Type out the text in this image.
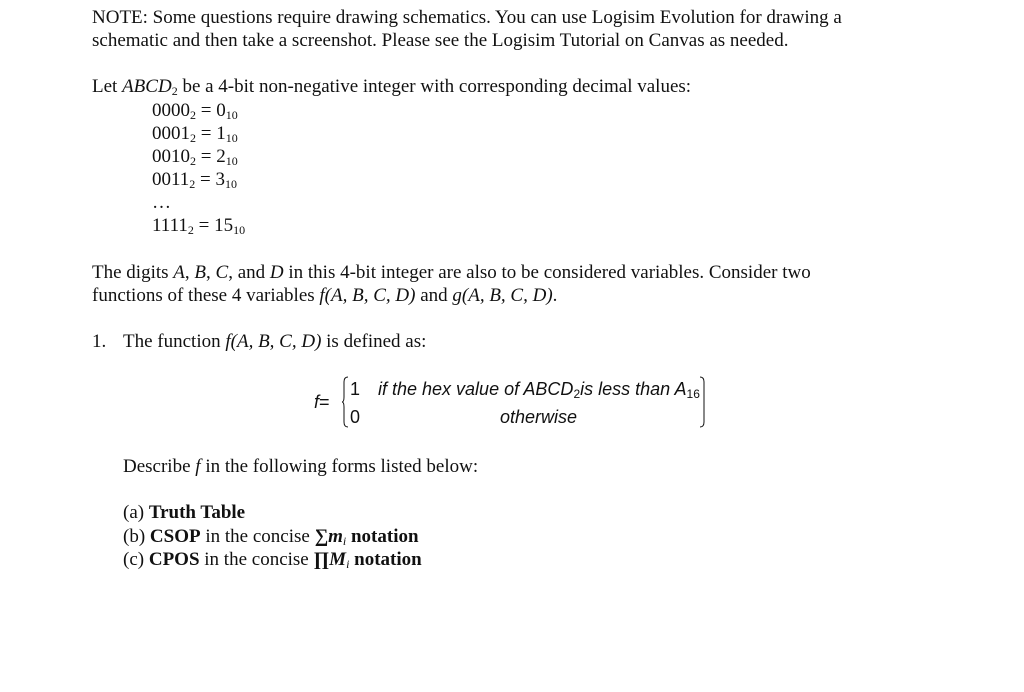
NOTE: Some questions require drawing schematics. You can use Logisim Evolution for drawing a
schematic and then take a screenshot. Please see the Logisim Tutorial on Canvas as needed.
Let $ABCD_2$ be a 4-bit non-negative integer with corresponding decimal values:
$0000_2 = 0_{10}$
$0001_2 = 1_{10}$
$0010_2 = 2_{10}$
$0011_2 = 3_{10}$
…
$1111_2 = 15_{10}$
The digits A, B, C, and D in this 4-bit integer are also to be considered variables. Consider two
functions of these 4 variables f(A, B, C, D) and g(A, B, C, D).
1. The function f(A, B, C, D) is defined as:
f=
1 if the hex value of $ABCD_2is$ less than $A_{16}$
0	otherwise
Describe f in the following forms listed below:
(a) Truth Table
(b) CSOP in the concise $\sum m_i$ notation
(c) CPOS in the concise $\prod M_i$ notation
